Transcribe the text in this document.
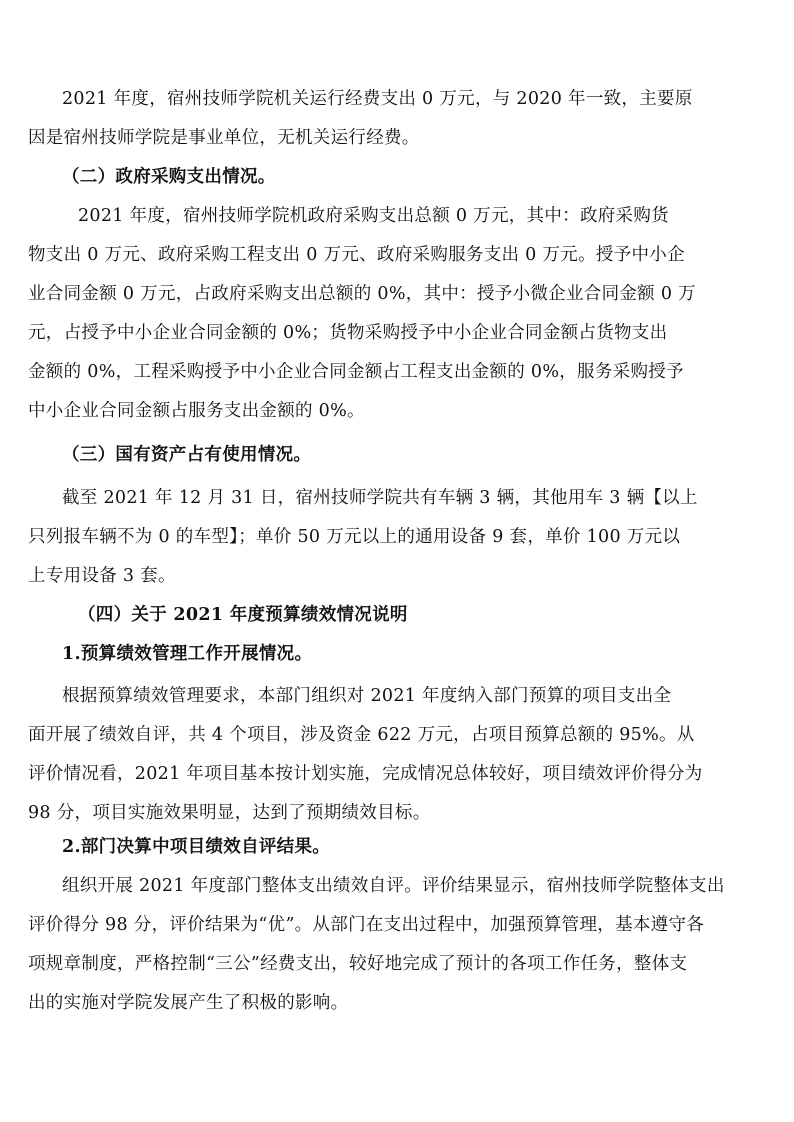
2021 年度，宿州技师学院机关运行经费支出 0 万元，与 2020 年一致，主要原
因是宿州技师学院是事业单位，无机关运行经费。
（二）政府采购支出情况。
2021 年度，宿州技师学院机政府采购支出总额 0 万元，其中：政府采购货
物支出 0 万元、政府采购工程支出 0 万元、政府采购服务支出 0 万元。授予中小企
业合同金额 0 万元，占政府采购支出总额的 0%，其中：授予小微企业合同金额 0 万
元，占授予中小企业合同金额的 0%；货物采购授予中小企业合同金额占货物支出
金额的 0%，工程采购授予中小企业合同金额占工程支出金额的 0%，服务采购授予
中小企业合同金额占服务支出金额的 0%。
（三）国有资产占有使用情况。
截至 2021 年 12 月 31 日，宿州技师学院共有车辆 3 辆，其他用车 3 辆【以上
只列报车辆不为 0 的车型】；单价 50 万元以上的通用设备 9 套，单价 100 万元以
上专用设备 3 套。
（四）关于 2021 年度预算绩效情况说明
1.预算绩效管理工作开展情况。
根据预算绩效管理要求，本部门组织对 2021 年度纳入部门预算的项目支出全
面开展了绩效自评，共 4 个项目，涉及资金 622 万元，占项目预算总额的 95%。从
评价情况看，2021 年项目基本按计划实施，完成情况总体较好，项目绩效评价得分为
98 分，项目实施效果明显，达到了预期绩效目标。
2.部门决算中项目绩效自评结果。
组织开展 2021 年度部门整体支出绩效自评。评价结果显示，宿州技师学院整体支出
评价得分 98 分，评价结果为“优”。从部门在支出过程中，加强预算管理，基本遵守各
项规章制度，严格控制“三公”经费支出，较好地完成了预计的各项工作任务，整体支
出的实施对学院发展产生了积极的影响。
